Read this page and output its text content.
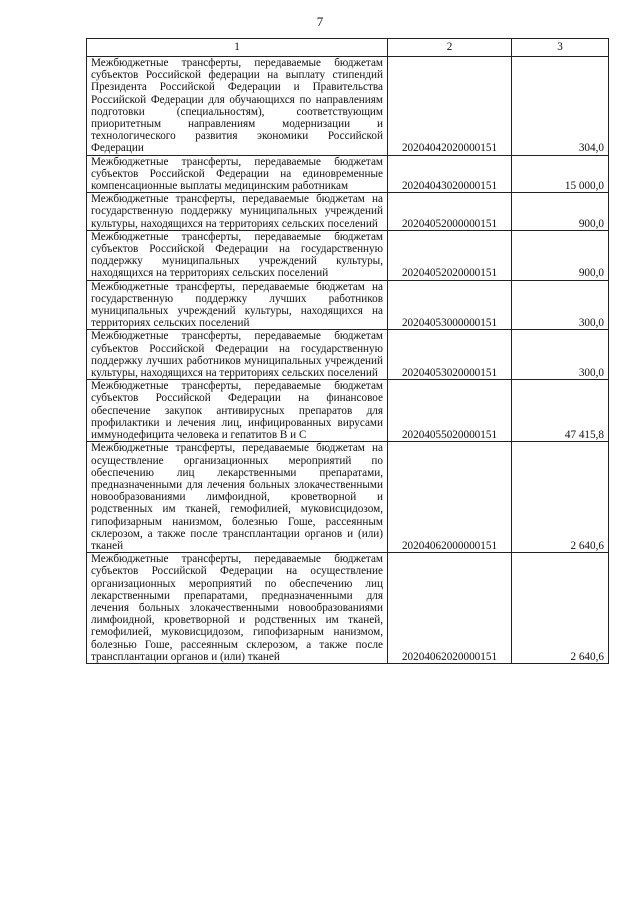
7
1	2	3
Межбюджетные трансферты, передаваемые бюджетам субъектов Российской федерации на выплату стипендий Президента Российской Федерации и Правительства Российской Федерации для обучающихся по направлениям подготовки (специальностям), соответствующим приоритетным направлениям модернизации и технологического развития экономики Российской Федерации	20204042020000151	304,0
Межбюджетные трансферты, передаваемые бюджетам субъектов Российской Федерации на единовременные компенсационные выплаты медицинским работникам	20204043020000151	15 000,0
Межбюджетные трансферты, передаваемые бюджетам на государственную поддержку муниципальных учреждений культуры, находящихся на территориях сельских поселений	20204052000000151	900,0
Межбюджетные трансферты, передаваемые бюджетам субъектов Российской Федерации на государственную поддержку муниципальных учреждений культуры, находящихся на территориях сельских поселений	20204052020000151	900,0
Межбюджетные трансферты, передаваемые бюджетам на государственную поддержку лучших работников муниципальных учреждений культуры, находящихся на территориях сельских поселений	20204053000000151	300,0
Межбюджетные трансферты, передаваемые бюджетам субъектов Российской Федерации на государственную поддержку лучших работников муниципальных учреждений культуры, находящихся на территориях сельских поселений	20204053020000151	300,0
Межбюджетные трансферты, передаваемые бюджетам субъектов Российской Федерации на финансовое обеспечение закупок антивирусных препаратов для профилактики и лечения лиц, инфицированных вирусами иммунодефицита человека и гепатитов В и С	20204055020000151	47 415,8
Межбюджетные трансферты, передаваемые бюджетам на осуществление организационных мероприятий по обеспечению лиц лекарственными препаратами, предназначенными для лечения больных злокачественными новообразованиями лимфоидной, кроветворной и родственных им тканей, гемофилией, муковисцидозом, гипофизарным нанизмом, болезнью Гоше, рассеянным склерозом, а также после трансплантации органов и (или) тканей	20204062000000151	2 640,6
Межбюджетные трансферты, передаваемые бюджетам субъектов Российской Федерации на осуществление организационных мероприятий по обеспечению лиц лекарственными препаратами, предназначенными для лечения больных злокачественными новообразованиями лимфоидной, кроветворной и родственных им тканей, гемофилией, муковисцидозом, гипофизарным нанизмом, болезнью Гоше, рассеянным склерозом, а также после трансплантации органов и (или) тканей	20204062020000151	2 640,6
